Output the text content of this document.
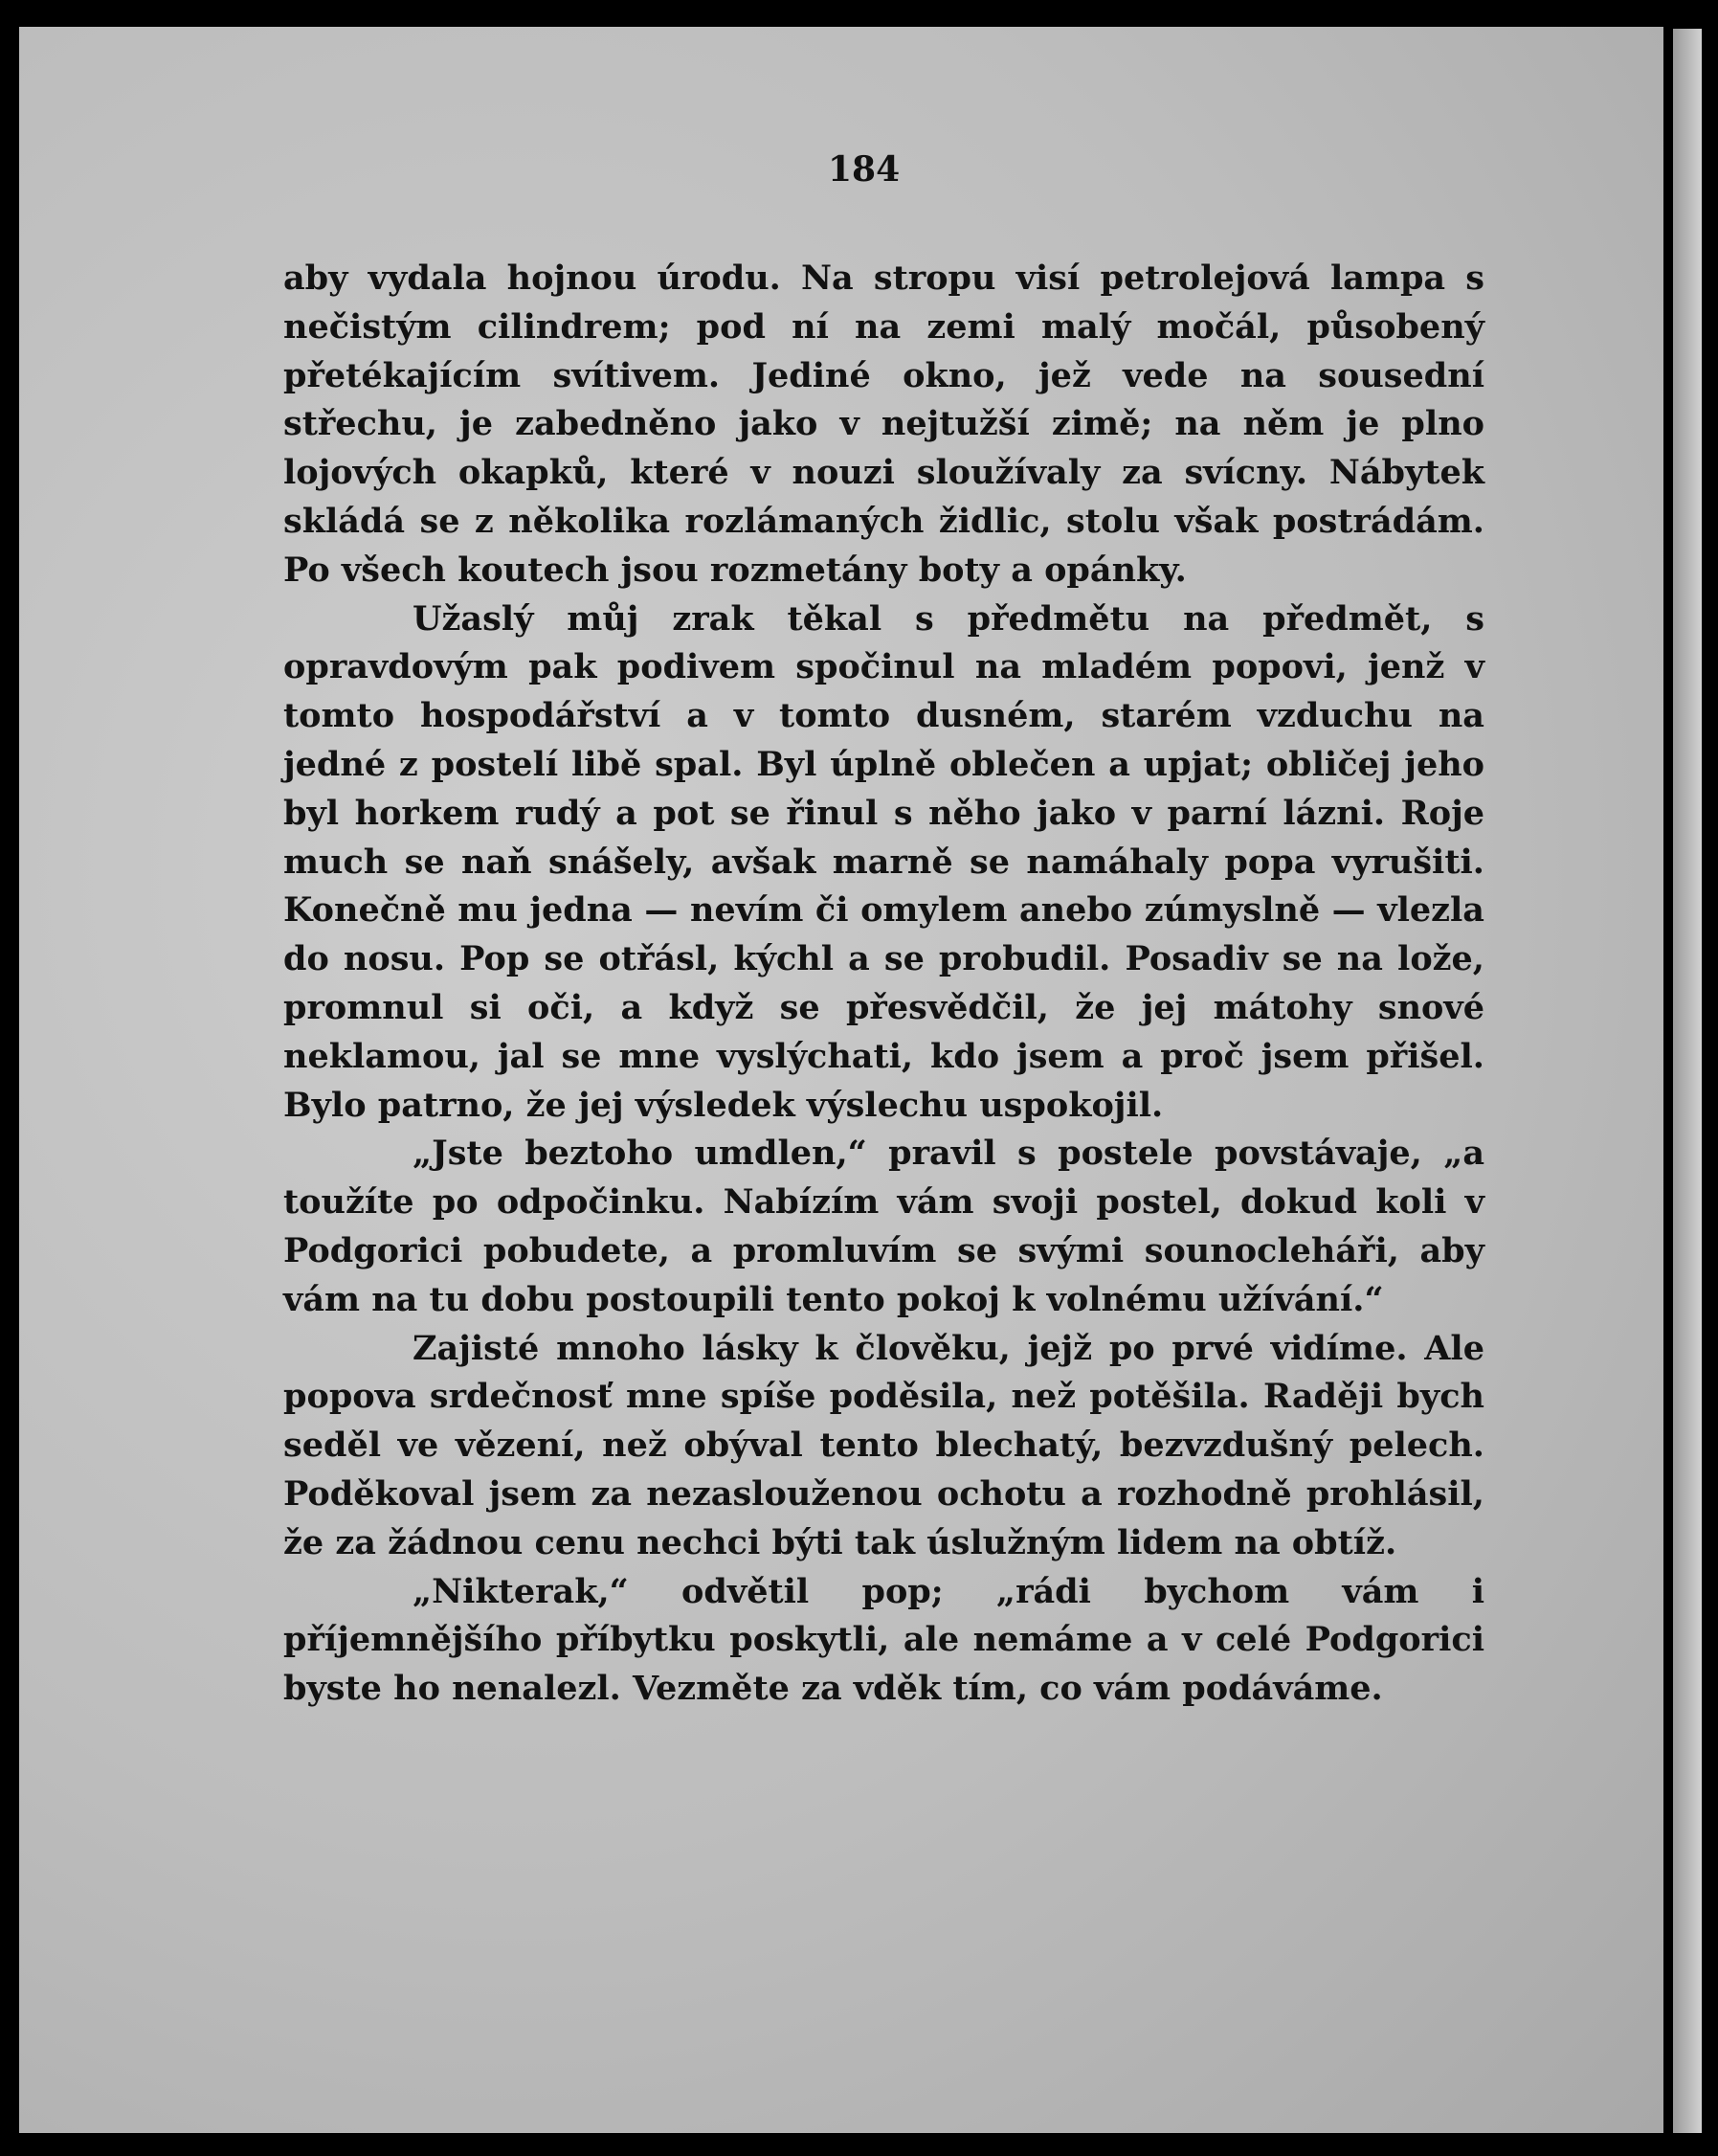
184

aby vydala hojnou úrodu. Na stropu visí petrolejová lampa s nečistým cilindrem; pod ní na zemi malý močál, působený přetékajícím svítivem. Jediné okno, jež vede na sousední střechu, je zabedněno jako v nejtužší zimě; na něm je plno lojových okapků, které v nouzi sloužívaly za svícny. Nábytek skládá se z několika rozlámaných židlic, stolu však postrádám. Po všech koutech jsou rozmetány boty a opánky.

Užaslý můj zrak těkal s předmětu na předmět, s opravdovým pak podivem spočinul na mladém popovi, jenž v tomto hospodářství a v tomto dusném, starém vzduchu na jedné z postelí libě spal. Byl úplně oblečen a upjat; obličej jeho byl horkem rudý a pot se řinul s něho jako v parní lázni. Roje much se naň snášely, avšak marně se namáhaly popa vyrušiti. Konečně mu jedna — nevím či omylem anebo zúmyslně — vlezla do nosu. Pop se otřásl, kýchl a se probudil. Posadiv se na lože, promnul si oči, a když se přesvědčil, že jej mátohy snové neklamou, jal se mne vyslýchati, kdo jsem a proč jsem přišel. Bylo patrno, že jej výsledek výslechu uspokojil.

„Jste beztoho umdlen,“ pravil s postele povstávaje, „a toužíte po odpočinku. Nabízím vám svoji postel, dokud koli v Podgorici pobudete, a promluvím se svými sounocleháři, aby vám na tu dobu postoupili tento pokoj k volnému užívání.“

Zajisté mnoho lásky k člověku, jejž po prvé vidíme. Ale popova srdečnosť mne spíše poděsila, než potěšila. Raději bych seděl ve vězení, než obýval tento blechatý, bezvzdušný pelech. Poděkoval jsem za nezaslouženou ochotu a rozhodně prohlásil, že za žádnou cenu nechci býti tak úslužným lidem na obtíž.

„Nikterak,“ odvětil pop; „rádi bychom vám i příjemnějšího příbytku poskytli, ale nemáme a v celé Podgorici byste ho nenalezl. Vezměte za vděk tím, co vám podáváme.
